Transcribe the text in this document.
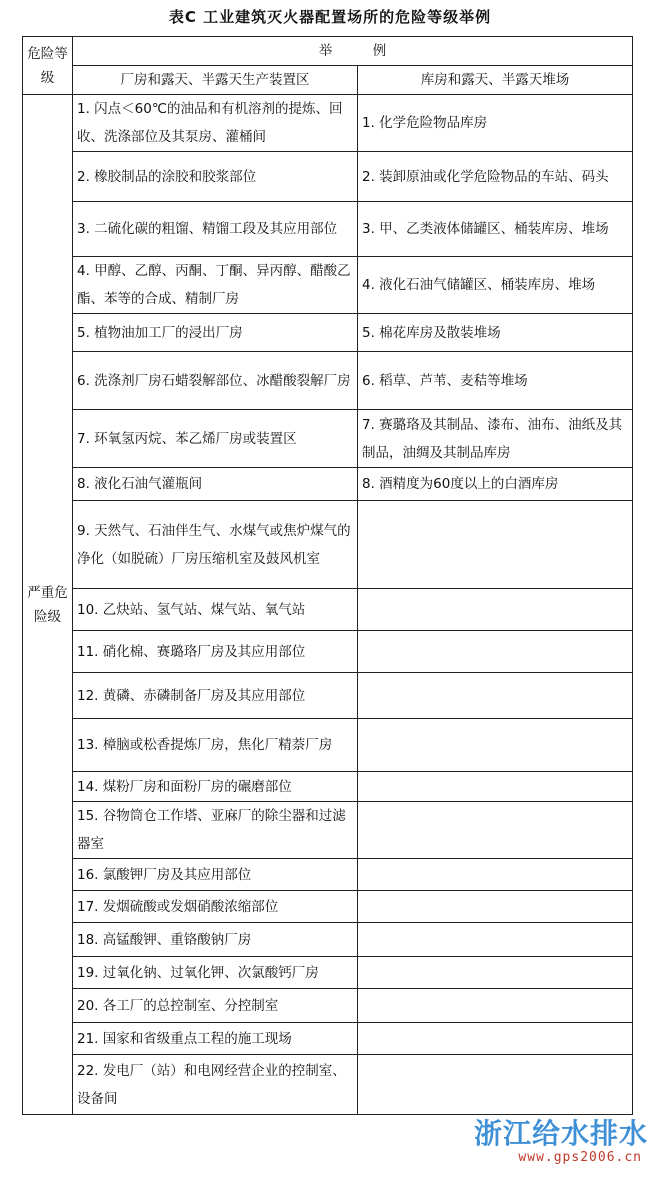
表C 工业建筑灭火器配置场所的危险等级举例
危险等级	举　　　例	
	厂房和露天、半露天生产装置区	库房和露天、半露天堆场
严重危险级	1. 闪点＜60℃的油品和有机溶剂的提炼、回收、洗涤部位及其泵房、灌桶间	1. 化学危险物品库房
	2. 橡胶制品的涂胶和胶浆部位	2. 装卸原油或化学危险物品的车站、码头
	3. 二硫化碳的粗馏、精馏工段及其应用部位	3. 甲、乙类液体储罐区、桶装库房、堆场
	4. 甲醇、乙醇、丙酮、丁酮、异丙醇、醋酸乙酯、苯等的合成、精制厂房	4. 液化石油气储罐区、桶装库房、堆场
	5. 植物油加工厂的浸出厂房	5. 棉花库房及散装堆场
	6. 洗涤剂厂房石蜡裂解部位、冰醋酸裂解厂房	6. 稻草、芦苇、麦秸等堆场
	7. 环氧氢丙烷、苯乙烯厂房或装置区	7. 赛璐珞及其制品、漆布、油布、油纸及其制品，油绸及其制品库房
	8. 液化石油气灌瓶间	8. 酒精度为60度以上的白酒库房
	9. 天然气、石油伴生气、水煤气或焦炉煤气的净化（如脱硫）厂房压缩机室及鼓风机室	
	10. 乙炔站、氢气站、煤气站、氧气站	
	11. 硝化棉、赛璐珞厂房及其应用部位	
	12. 黄磷、赤磷制备厂房及其应用部位	
	13. 樟脑或松香提炼厂房，焦化厂精萘厂房	
	14. 煤粉厂房和面粉厂房的碾磨部位	
	15. 谷物筒仓工作塔、亚麻厂的除尘器和过滤器室	
	16. 氯酸钾厂房及其应用部位	
	17. 发烟硫酸或发烟硝酸浓缩部位	
	18. 高锰酸钾、重铬酸钠厂房	
	19. 过氧化钠、过氧化钾、次氯酸钙厂房	
	20. 各工厂的总控制室、分控制室	
	21. 国家和省级重点工程的施工现场	
	22. 发电厂（站）和电网经营企业的控制室、设备间	
浙江给水排水
www.gps2006.cn
